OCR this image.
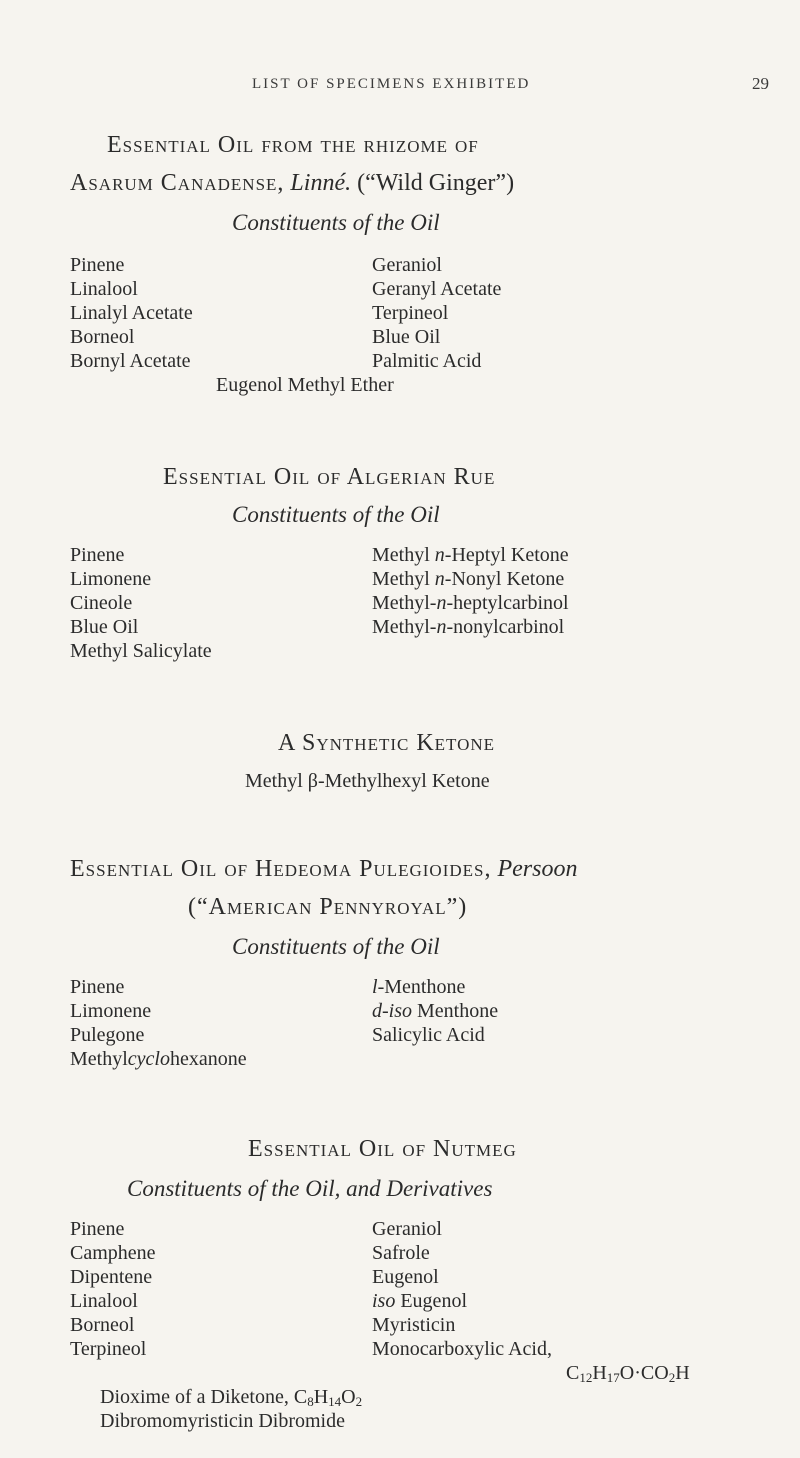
LIST OF SPECIMENS EXHIBITED	29
Essential Oil from the rhizome of
Asarum Canadense, Linné. (“Wild Ginger”)
Constituents of the Oil
Pinene
Linalool
Linalyl Acetate
Borneol
Bornyl Acetate
Geraniol
Geranyl Acetate
Terpineol
Blue Oil
Palmitic Acid
Eugenol Methyl Ether
Essential Oil of Algerian Rue
Constituents of the Oil
Pinene
Limonene
Cineole
Blue Oil
Methyl Salicylate
Methyl n-Heptyl Ketone
Methyl n-Nonyl Ketone
Methyl-n-heptylcarbinol
Methyl-n-nonylcarbinol
A Synthetic Ketone
Methyl β-Methylhexyl Ketone
Essential Oil of Hedeoma Pulegioides, Persoon
(“American Pennyroyal”)
Constituents of the Oil
Pinene
Limonene
Pulegone
Methylcyclohexanone
l-Menthone
d-iso Menthone
Salicylic Acid
Essential Oil of Nutmeg
Constituents of the Oil, and Derivatives
Pinene
Camphene
Dipentene
Linalool
Borneol
Terpineol
Geraniol
Safrole
Eugenol
iso Eugenol
Myristicin
Monocarboxylic Acid,
$C_{12}H_{17}O\cdot CO_2H$
Dioxime of a Diketone, $C_8H_{14}O_2$
Dibromomyristicin Dibromide
